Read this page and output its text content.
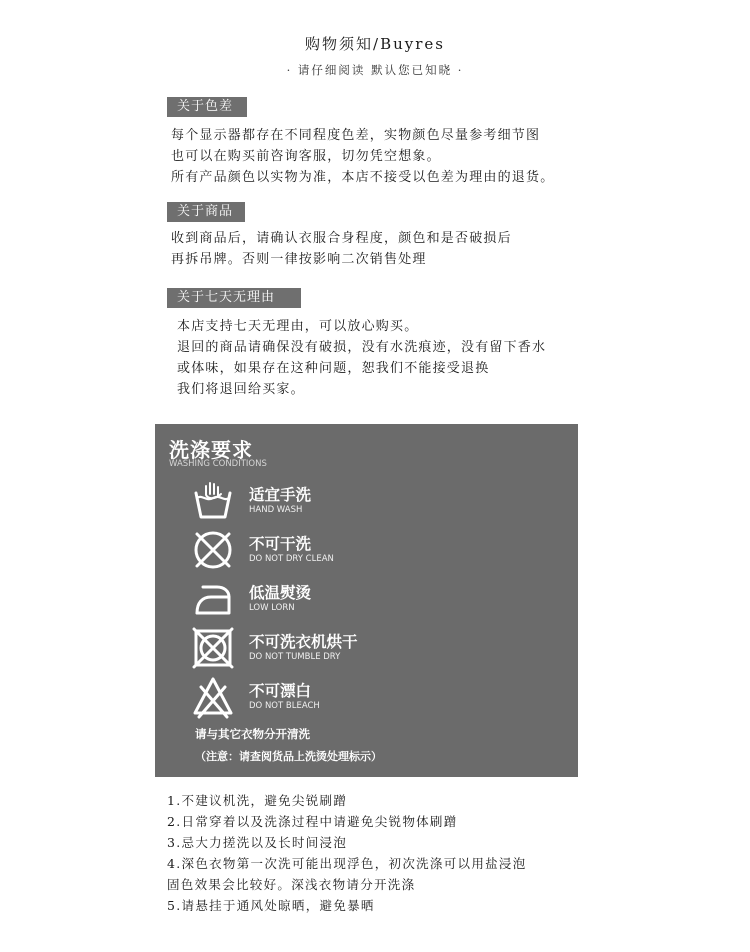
购物须知/Buyres
· 请仔细阅读 默认您已知晓 ·
关于色差
每个显示器都存在不同程度色差，实物颜色尽量参考细节图
也可以在购买前咨询客服，切勿凭空想象。
所有产品颜色以实物为准，本店不接受以色差为理由的退货。
关于商品
收到商品后，请确认衣服合身程度，颜色和是否破损后
再拆吊牌。否则一律按影响二次销售处理
关于七天无理由
本店支持七天无理由，可以放心购买。
退回的商品请确保没有破损，没有水洗痕迹，没有留下香水
或体味，如果存在这种问题，恕我们不能接受退换
我们将退回给买家。
洗涤要求
WASHING CONDITIONS
适宜手洗
HAND WASH
不可干洗
DO NOT DRY CLEAN
低温熨烫
LOW LORN
不可洗衣机烘干
DO NOT TUMBLE DRY
不可漂白
DO NOT BLEACH
请与其它衣物分开清洗
（注意：请查阅货品上洗烫处理标示）
1.不建议机洗，避免尖锐刷蹭
2.日常穿着以及洗涤过程中请避免尖锐物体刷蹭
3.忌大力搓洗以及长时间浸泡
4.深色衣物第一次洗可能出现浮色，初次洗涤可以用盐浸泡
固色效果会比较好。深浅衣物请分开洗涤
5.请悬挂于通风处晾晒，避免暴晒
